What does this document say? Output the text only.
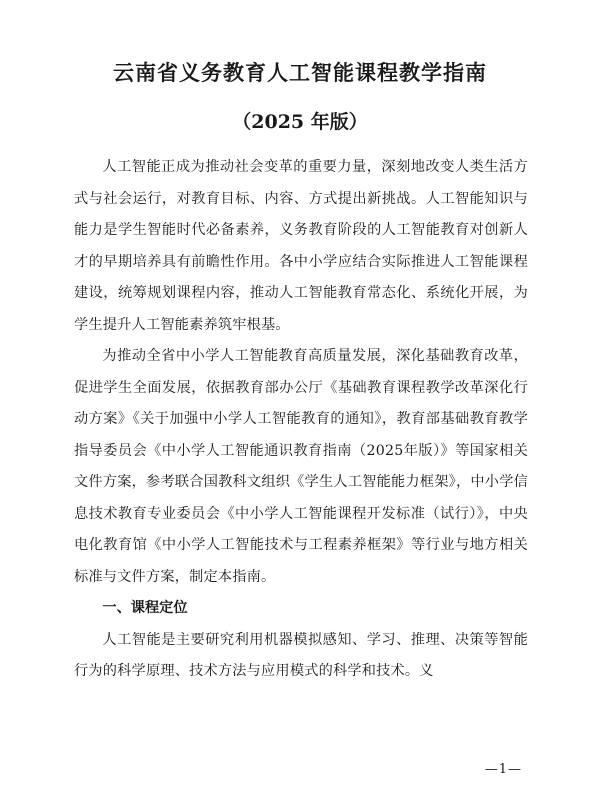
云南省义务教育人工智能课程教学指南
（2025 年版）

人工智能正成为推动社会变革的重要力量，深刻地改变人类生活方式与社会运行，对教育目标、内容、方式提出新挑战。人工智能知识与能力是学生智能时代必备素养，义务教育阶段的人工智能教育对创新人才的早期培养具有前瞻性作用。各中小学应结合实际推进人工智能课程建设，统筹规划课程内容，推动人工智能教育常态化、系统化开展，为学生提升人工智能素养筑牢根基。

为推动全省中小学人工智能教育高质量发展，深化基础教育改革，促进学生全面发展，依据教育部办公厅《基础教育课程教学改革深化行动方案》《关于加强中小学人工智能教育的通知》，教育部基础教育教学指导委员会《中小学人工智能通识教育指南（2025年版）》等国家相关文件方案，参考联合国教科文组织《学生人工智能能力框架》，中小学信息技术教育专业委员会《中小学人工智能课程开发标准（试行）》，中央电化教育馆《中小学人工智能技术与工程素养框架》等行业与地方相关标准与文件方案，制定本指南。

一、课程定位

人工智能是主要研究利用机器模拟感知、学习、推理、决策等智能行为的科学原理、技术方法与应用模式的科学和技术。义

—1—
